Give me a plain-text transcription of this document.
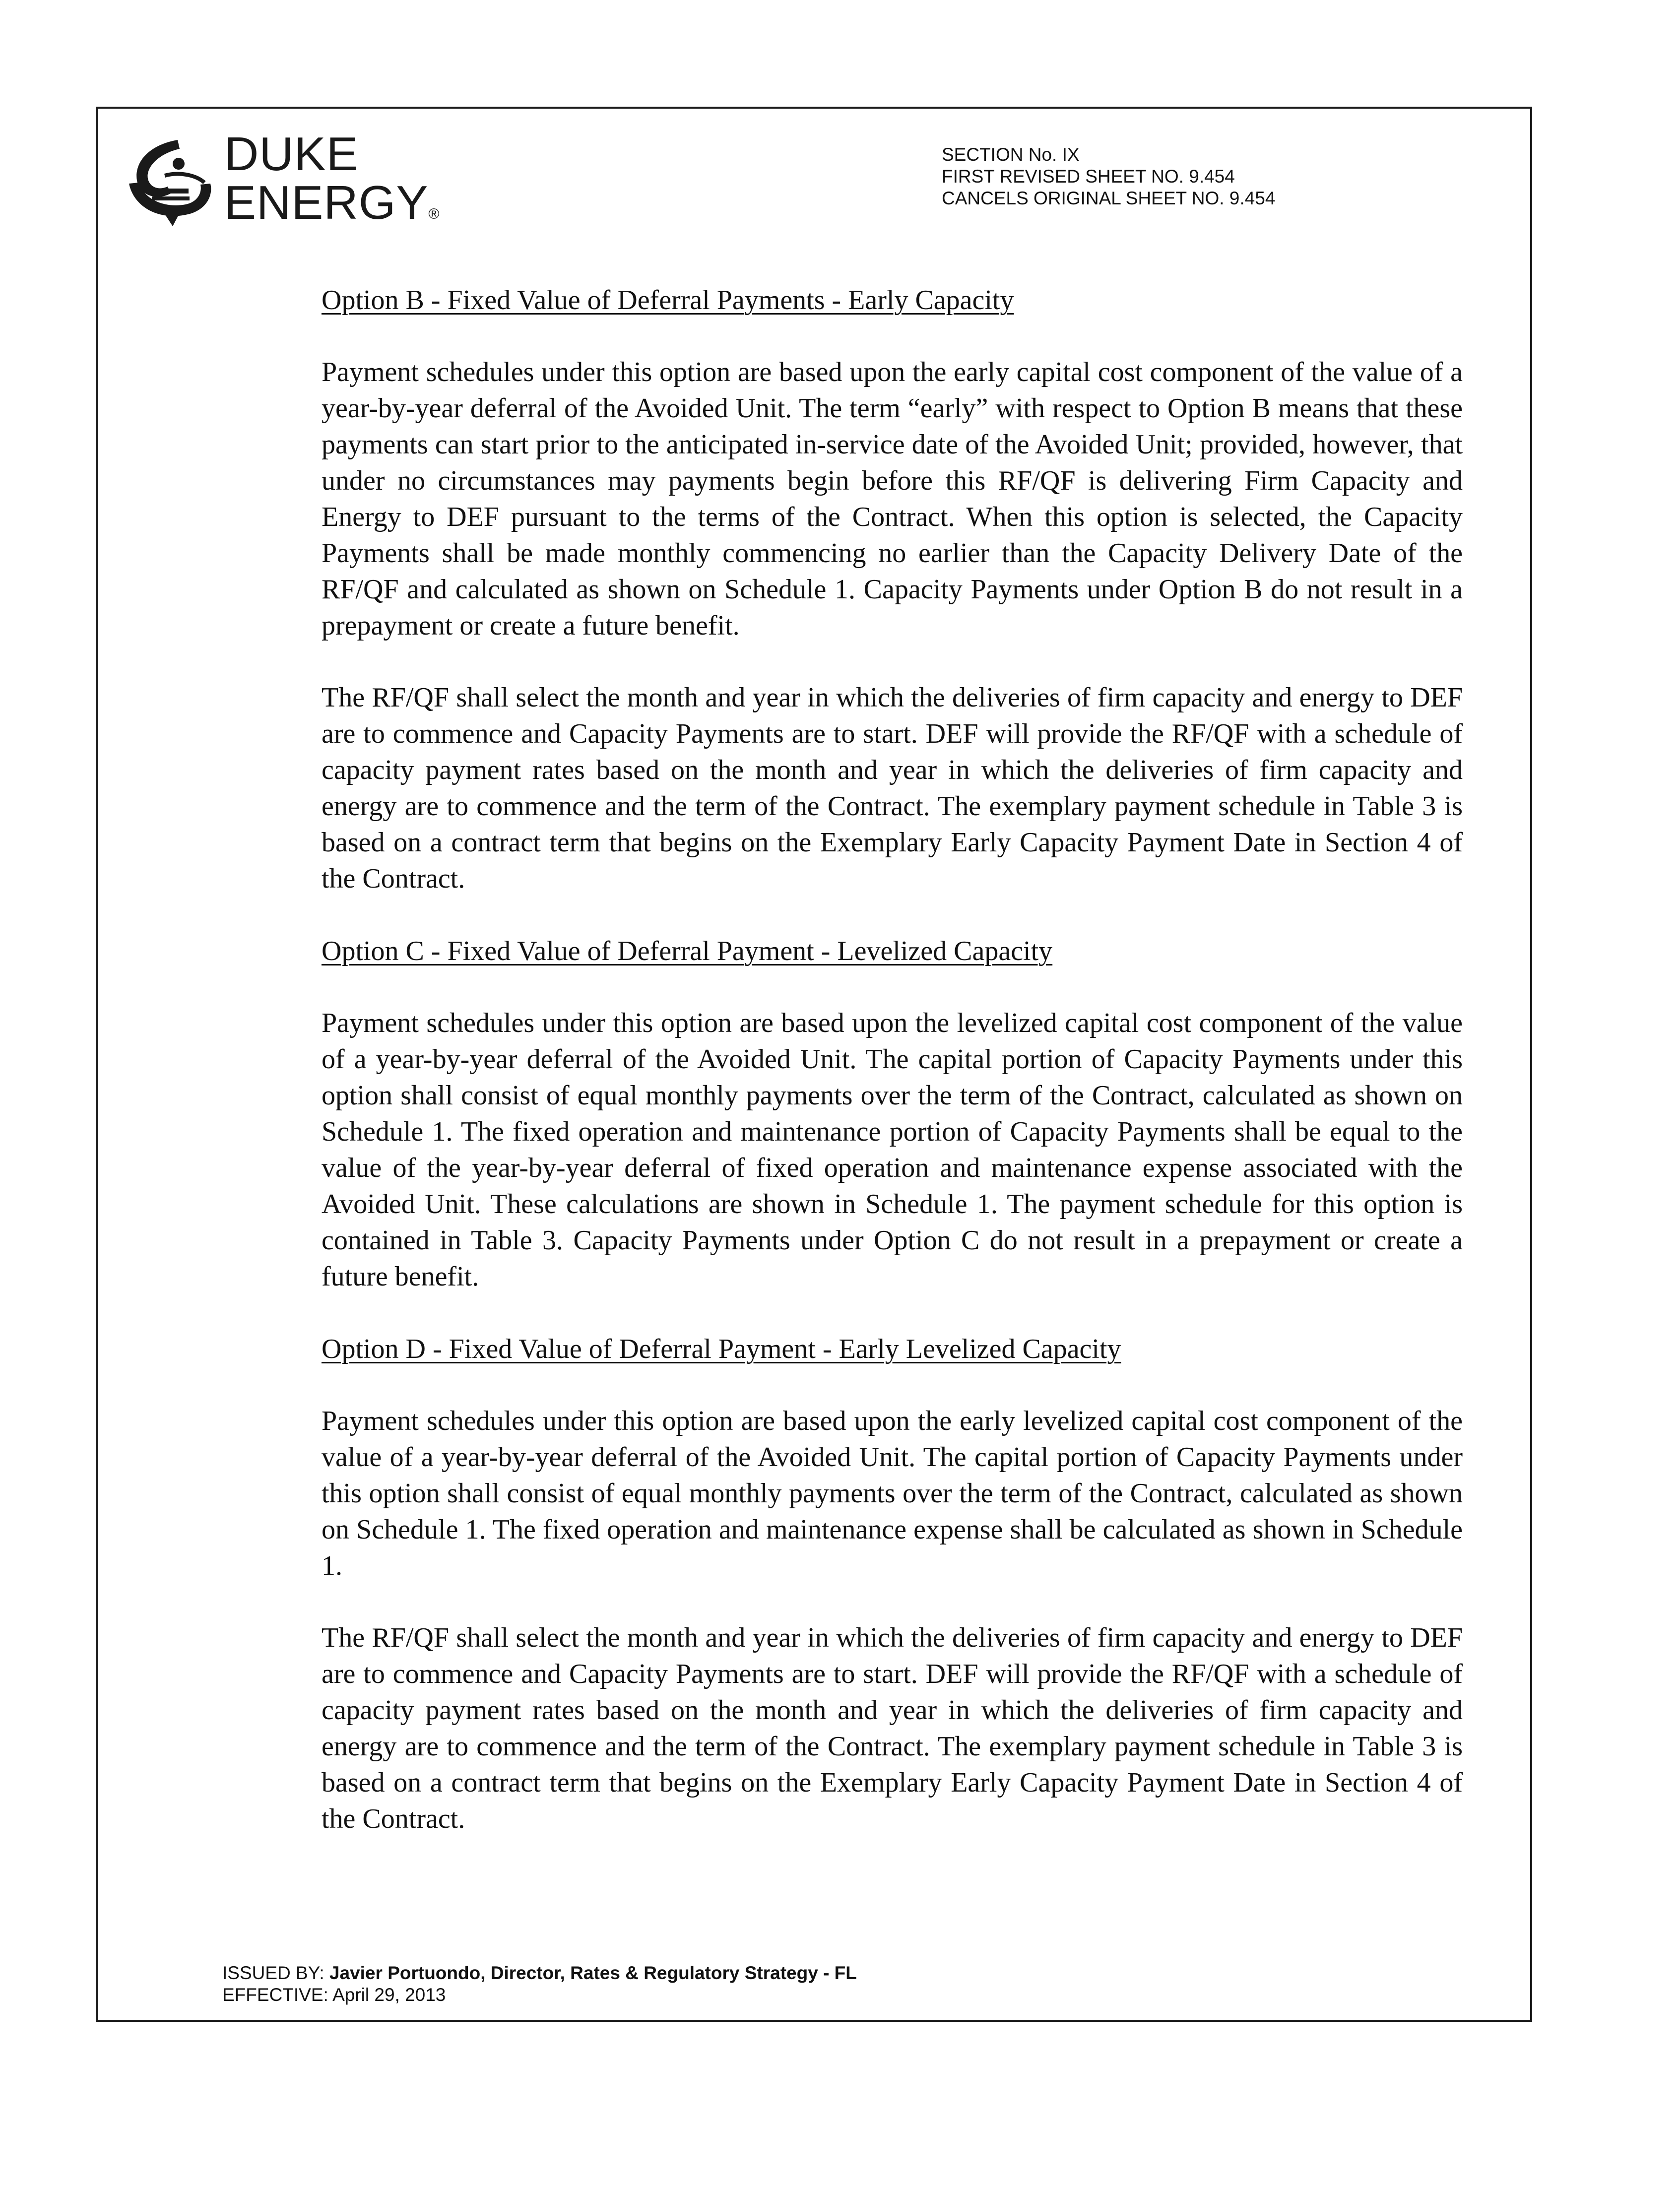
DUKE
ENERGY®
SECTION No. IX
FIRST REVISED SHEET NO. 9.454
CANCELS ORIGINAL SHEET NO. 9.454
Option B - Fixed Value of Deferral Payments - Early Capacity

Payment schedules under this option are based upon the early capital cost component of the value of a year-by-year deferral of the Avoided Unit. The term “early” with respect to Option B means that these payments can start prior to the anticipated in-service date of the Avoided Unit; provided, however, that under no circumstances may payments begin before this RF/QF is delivering Firm Capacity and Energy to DEF pursuant to the terms of the Contract. When this option is selected, the Capacity Payments shall be made monthly commencing no earlier than the Capacity Delivery Date of the RF/QF and calculated as shown on Schedule 1. Capacity Payments under Option B do not result in a prepayment or create a future benefit.

The RF/QF shall select the month and year in which the deliveries of firm capacity and energy to DEF are to commence and Capacity Payments are to start. DEF will provide the RF/QF with a schedule of capacity payment rates based on the month and year in which the deliveries of firm capacity and energy are to commence and the term of the Contract. The exemplary payment schedule in Table 3 is based on a contract term that begins on the Exemplary Early Capacity Payment Date in Section 4 of the Contract.

Option C - Fixed Value of Deferral Payment - Levelized Capacity

Payment schedules under this option are based upon the levelized capital cost component of the value of a year-by-year deferral of the Avoided Unit. The capital portion of Capacity Payments under this option shall consist of equal monthly payments over the term of the Contract, calculated as shown on Schedule 1. The fixed operation and maintenance portion of Capacity Payments shall be equal to the value of the year-by-year deferral of fixed operation and maintenance expense associated with the Avoided Unit. These calculations are shown in Schedule 1. The payment schedule for this option is contained in Table 3. Capacity Payments under Option C do not result in a prepayment or create a future benefit.

Option D - Fixed Value of Deferral Payment - Early Levelized Capacity

Payment schedules under this option are based upon the early levelized capital cost component of the value of a year-by-year deferral of the Avoided Unit. The capital portion of Capacity Payments under this option shall consist of equal monthly payments over the term of the Contract, calculated as shown on Schedule 1. The fixed operation and maintenance expense shall be calculated as shown in Schedule 1.

The RF/QF shall select the month and year in which the deliveries of firm capacity and energy to DEF are to commence and Capacity Payments are to start. DEF will provide the RF/QF with a schedule of capacity payment rates based on the month and year in which the deliveries of firm capacity and energy are to commence and the term of the Contract. The exemplary payment schedule in Table 3 is based on a contract term that begins on the Exemplary Early Capacity Payment Date in Section 4 of the Contract.

ISSUED BY: Javier Portuondo, Director, Rates & Regulatory Strategy - FL
EFFECTIVE: April 29, 2013
